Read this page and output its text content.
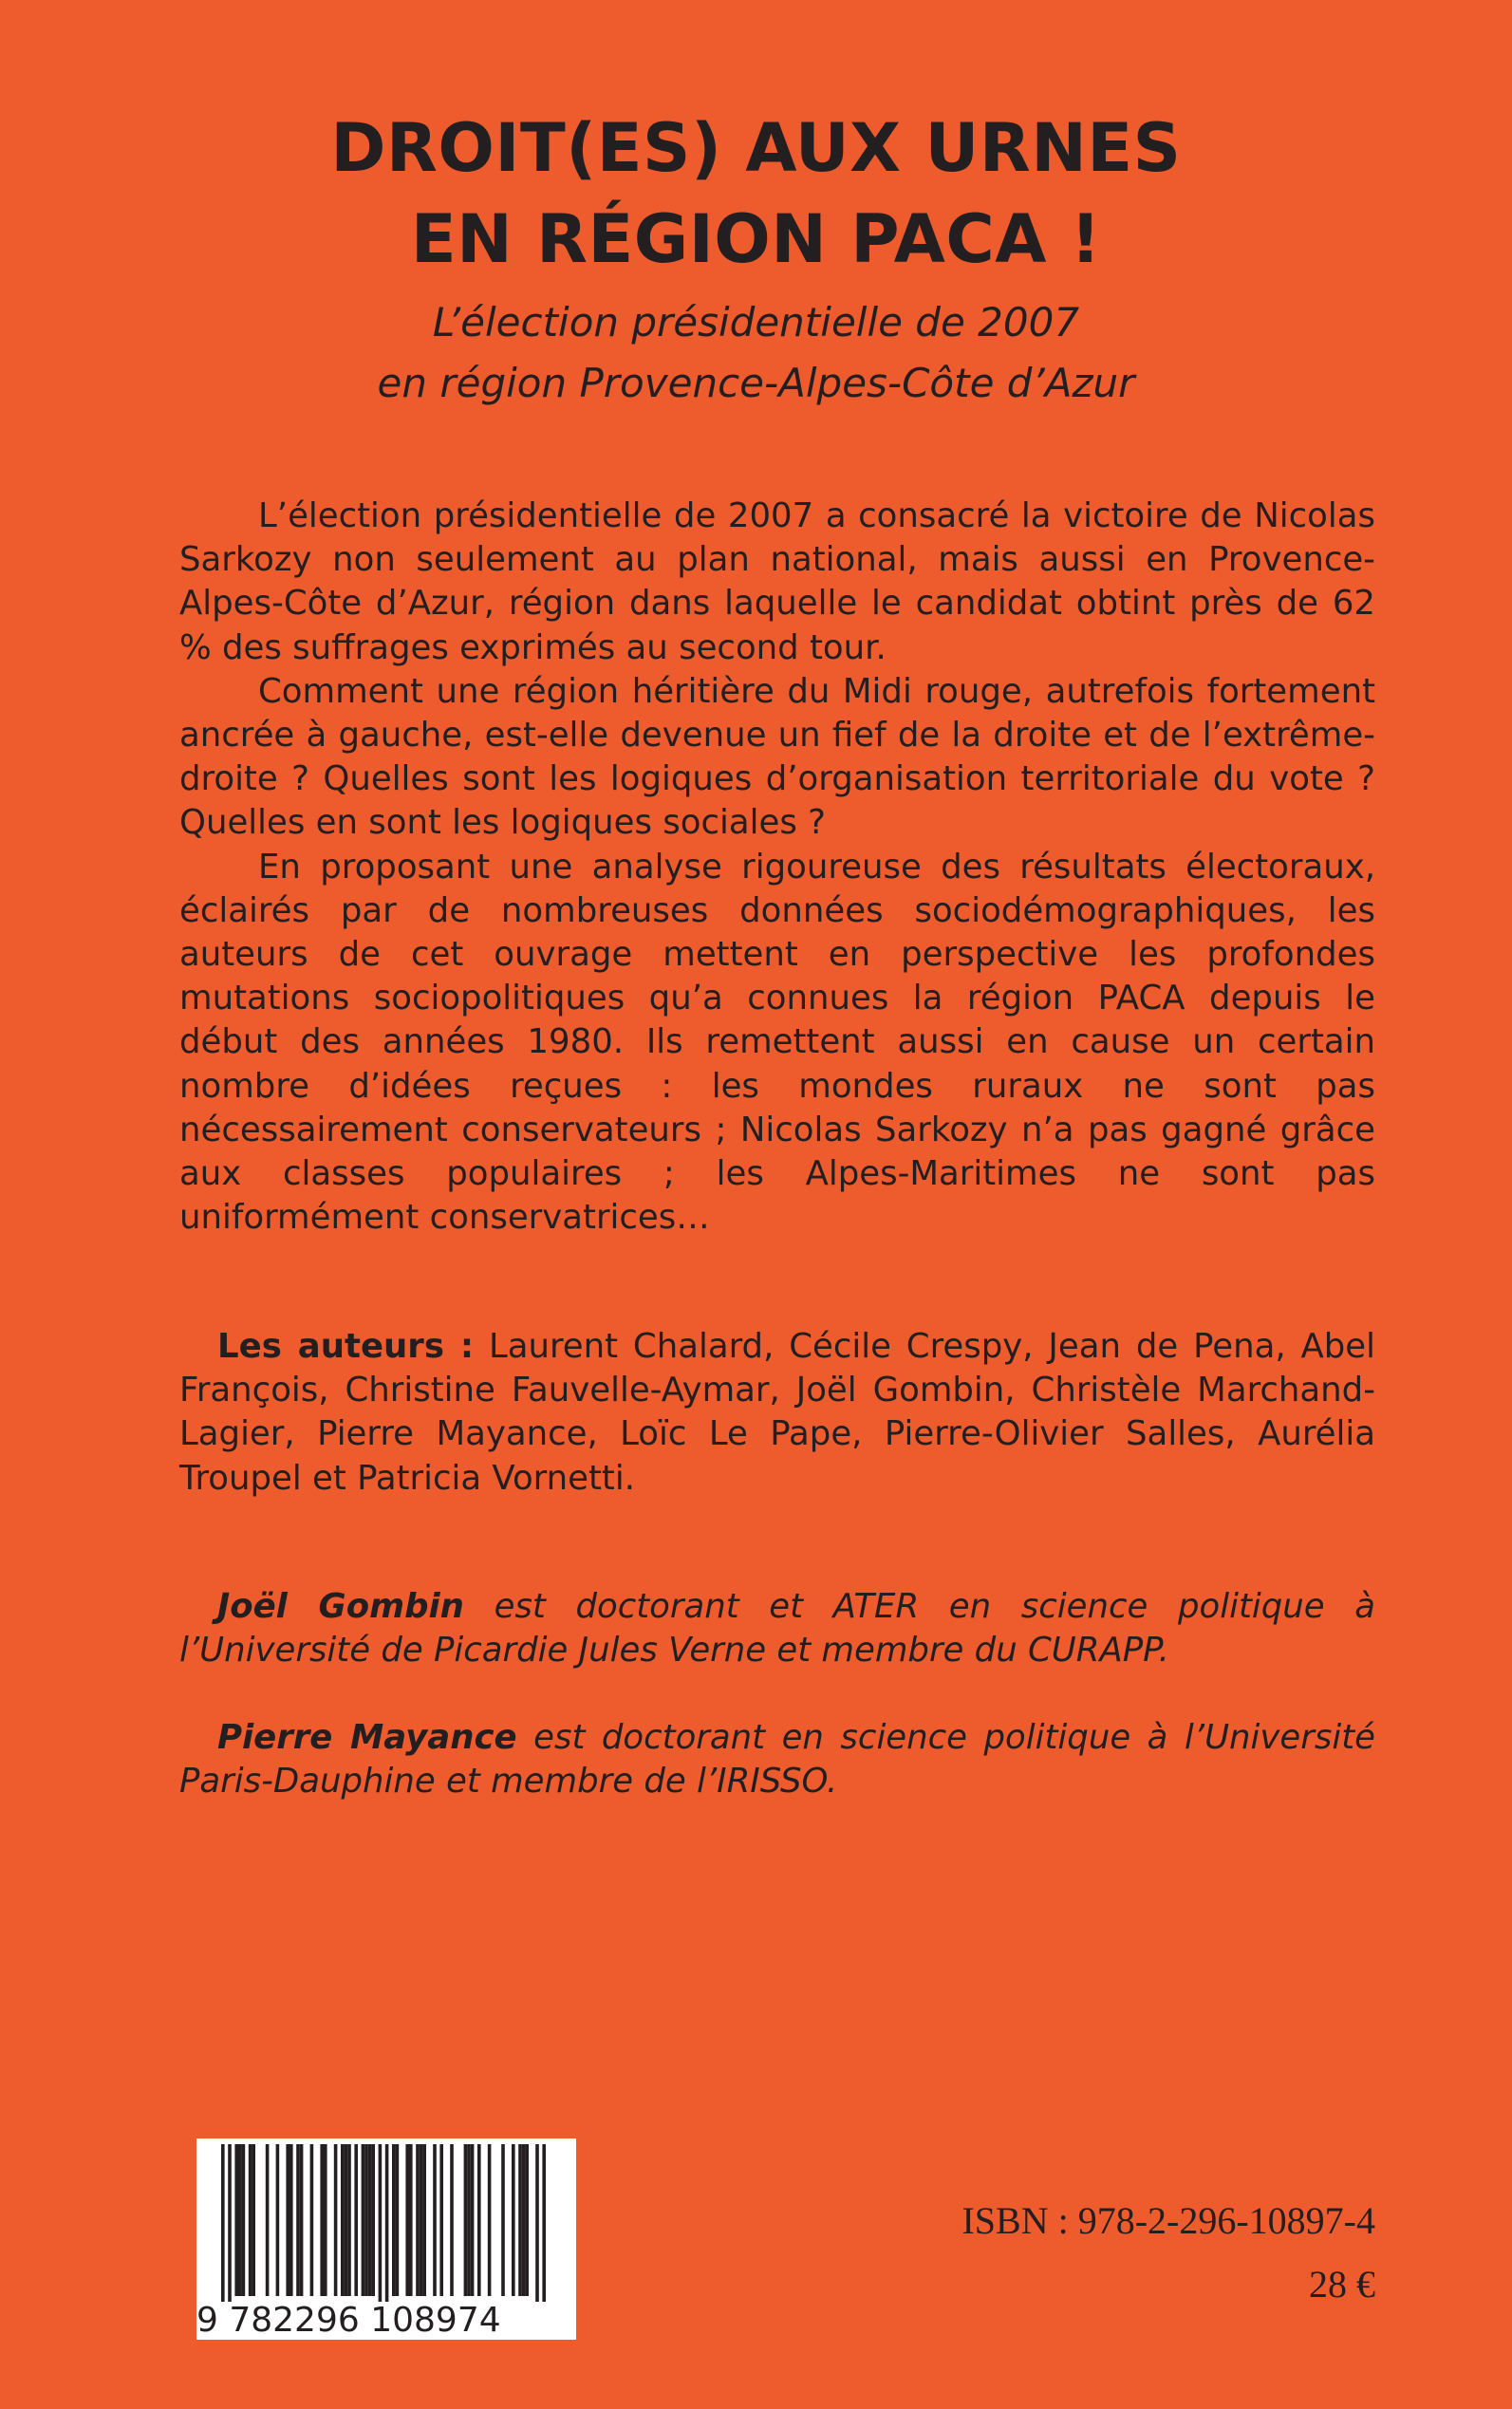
DROIT(ES) AUX URNES
EN RÉGION PACA !
L’élection présidentielle de 2007
en région Provence-Alpes-Côte d’Azur

L’élection présidentielle de 2007 a consacré la victoire de Nicolas Sarkozy non seulement au plan national, mais aussi en Provence-Alpes-Côte d’Azur, région dans laquelle le candidat obtint près de 62 % des suffrages exprimés au second tour.

Comment une région héritière du Midi rouge, autrefois fortement ancrée à gauche, est-elle devenue un fief de la droite et de l’extrême-droite ? Quelles sont les logiques d’organisation territoriale du vote ? Quelles en sont les logiques sociales ?

En proposant une analyse rigoureuse des résultats électoraux, éclairés par de nombreuses données sociodémographiques, les auteurs de cet ouvrage mettent en perspective les profondes mutations sociopolitiques qu’a connues la région PACA depuis le début des années 1980. Ils remettent aussi en cause un certain nombre d’idées reçues : les mondes ruraux ne sont pas nécessairement conservateurs ; Nicolas Sarkozy n’a pas gagné grâce aux classes populaires ; les Alpes-Maritimes ne sont pas uniformément conservatrices…

Les auteurs : Laurent Chalard, Cécile Crespy, Jean de Pena, Abel François, Christine Fauvelle-Aymar, Joël Gombin, Christèle Marchand-Lagier, Pierre Mayance, Loïc Le Pape, Pierre-Olivier Salles, Aurélia Troupel et Patricia Vornetti.

Joël Gombin est doctorant et ATER en science politique à l’Université de Picardie Jules Verne et membre du CURAPP.

Pierre Mayance est doctorant en science politique à l’Université Paris-Dauphine et membre de l’IRISSO.

9 782296 108974
ISBN : 978-2-296-10897-4
28 €
